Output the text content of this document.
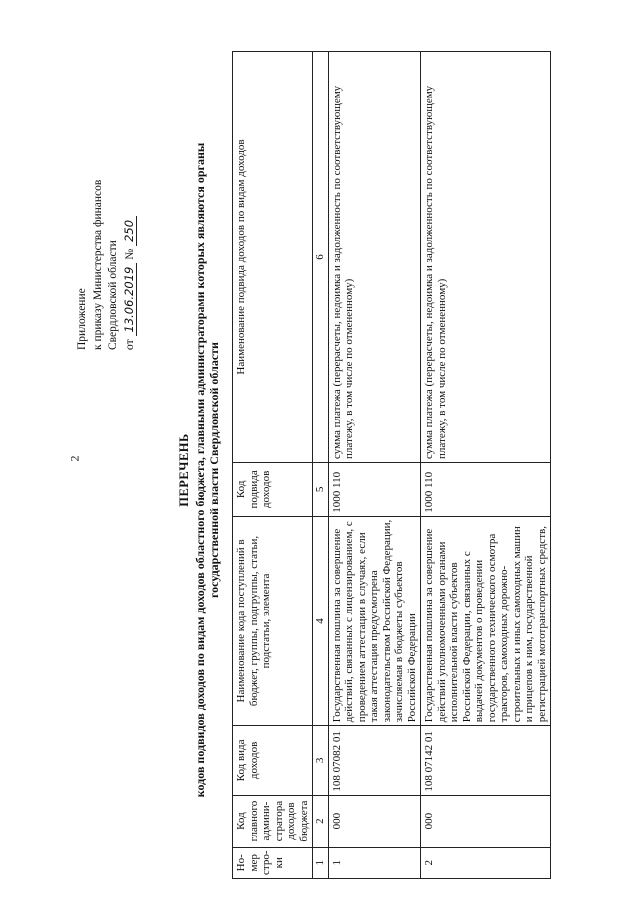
2
Приложение к приказу Министерства финансов Свердловской области от 13.06.2019 № 250
ПЕРЕЧЕНЬ кодов подвидов доходов по видам доходов областного бюджета, главными администраторами которых являются органы государственной власти Свердловской области
Но-мер стро-ки	Код главного админи-стратора доходов бюджета	Код вида доходов	Наименование кода поступлений в бюджет, группы, подгруппы, статьи, подстатьи, элемента	Код подвида доходов	Наименование подвида доходов по видам доходов
1	2	3	4	5	6
1	000	108 07082 01	Государственная пошлина за совершение действий, связанных с лицензированием, с проведением аттестации в случаях, если такая аттестация предусмотрена законодательством Российской Федерации, зачисляемая в бюджеты субъектов Российской Федерации	1000 110	сумма платежа (перерасчеты, недоимка и задолженность по соответствующему платежу, в том числе по отмененному)
2	000	108 07142 01	Государственная пошлина за совершение действий уполномоченными органами исполнительной власти субъектов Российской Федерации, связанных с выдачей документов о проведении государственного технического осмотра тракторов, самоходных дорожно-строительных и иных самоходных машин и прицепов к ним, государственной регистрацией мототранспортных средств,	1000 110	сумма платежа (перерасчеты, недоимка и задолженность по соответствующему платежу, в том числе по отмененному)
